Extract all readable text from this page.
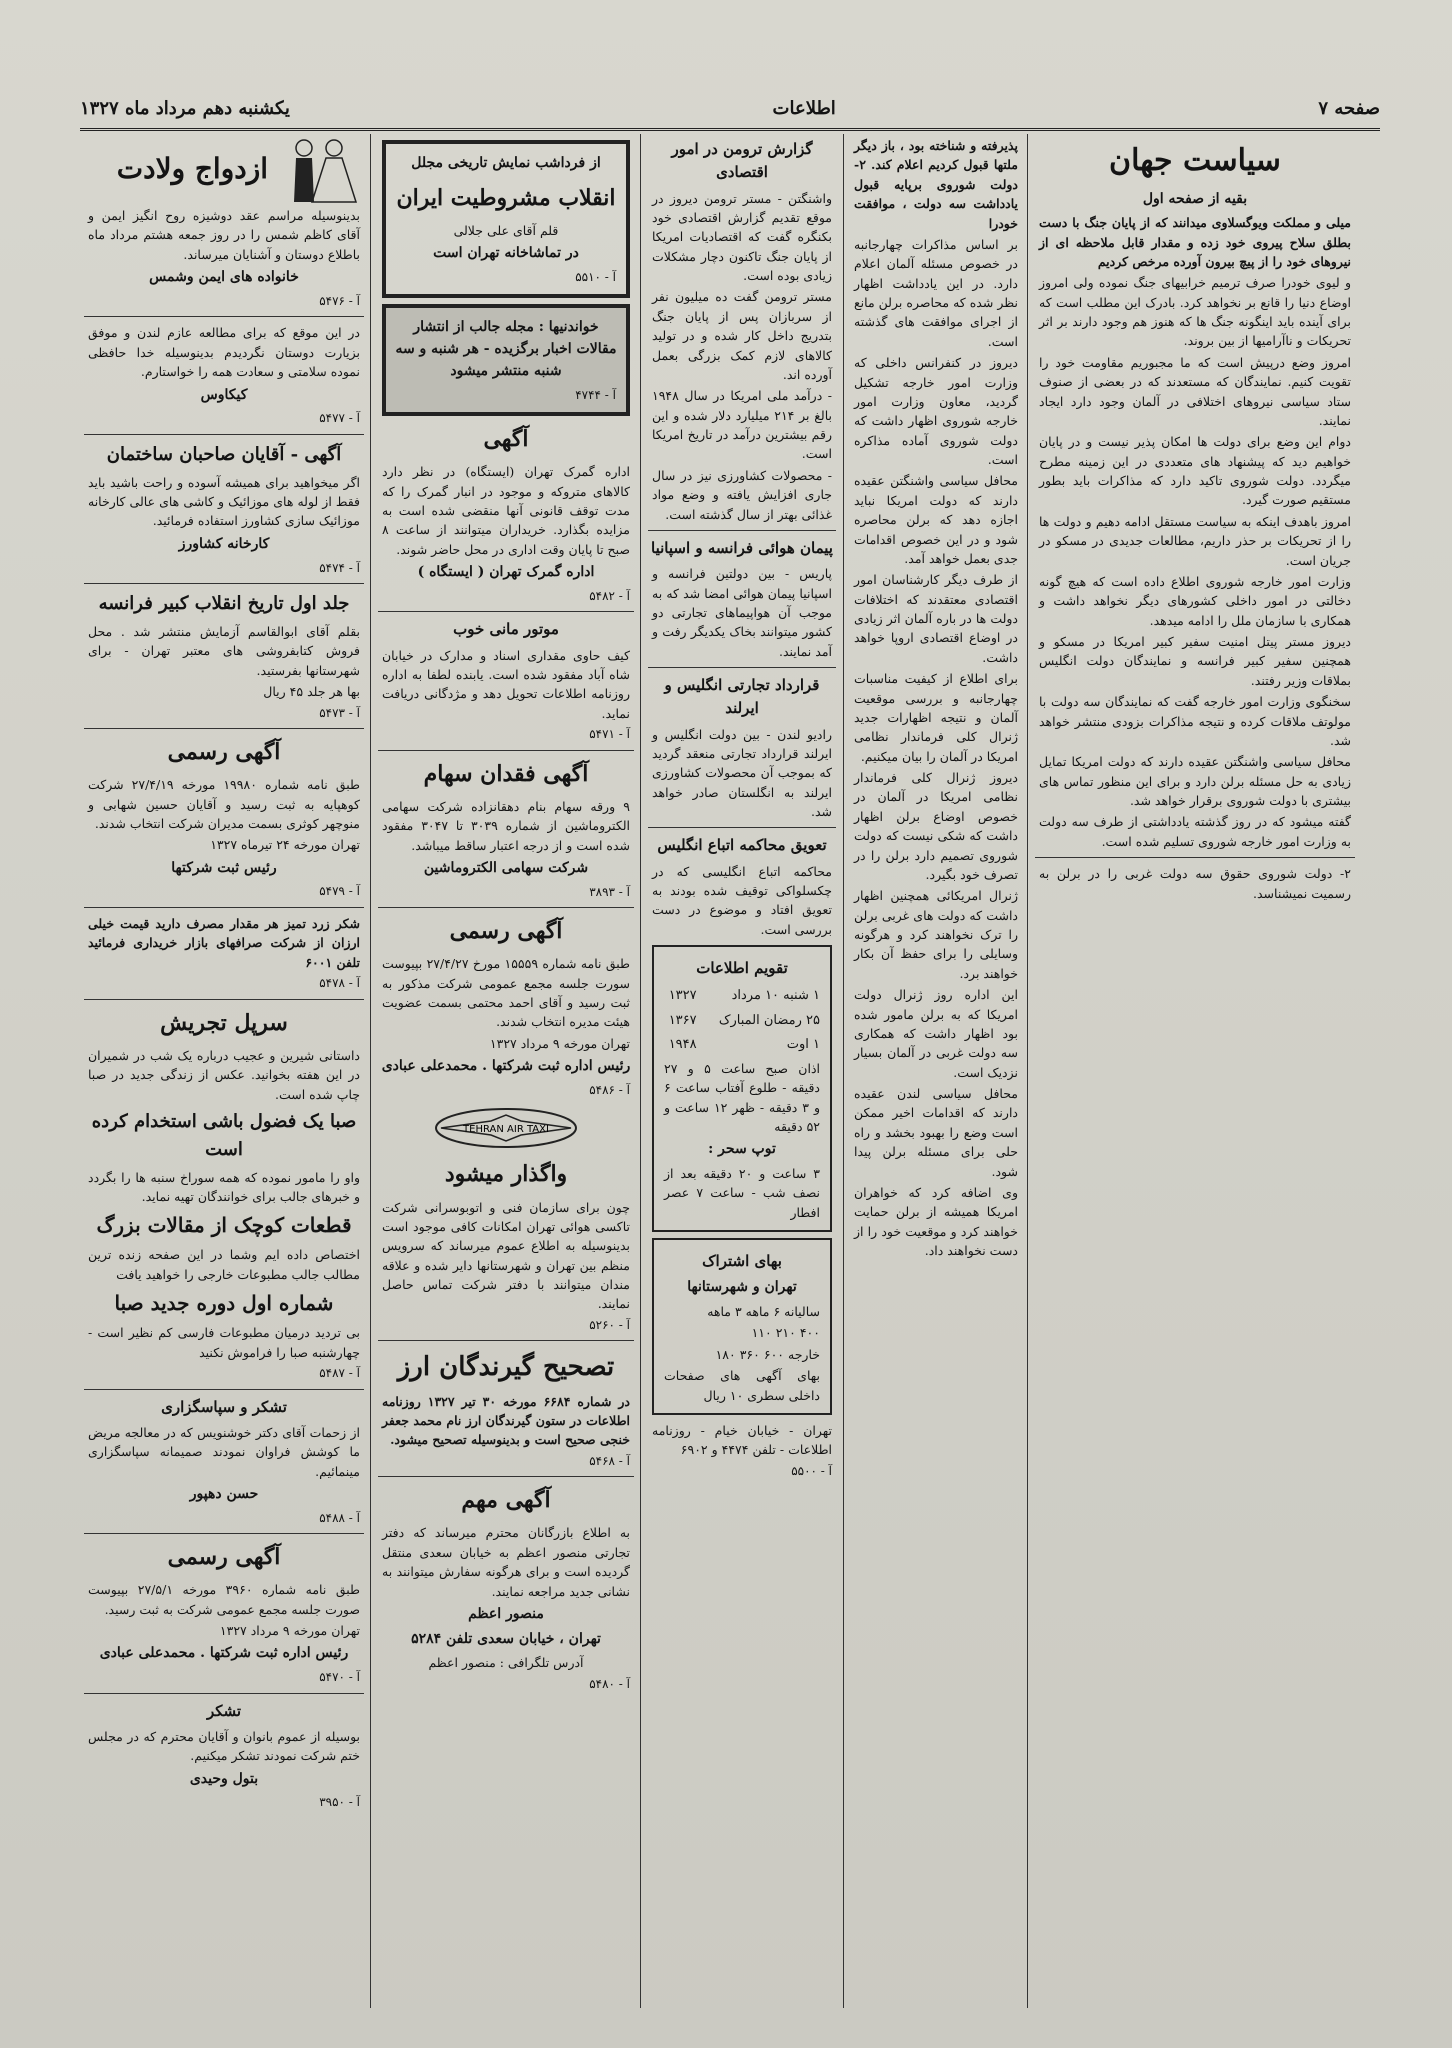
صفحه ۷
اطلاعات
یکشنبه دهم مرداد ماه ۱۳۲۷
سیاست جهان
بقیه از صفحه اول
میلی و مملکت ویوگسلاوی میدانند که از پایان جنگ با دست بطلق سلاح پیروی خود زده و مقدار قابل ملاحظه ای از نیروهای خود را از پیچ بیرون آورده مرخص کردیم
و لیوی خودرا صرف ترمیم خرابیهای جنگ نموده ولی امروز اوضاع دنیا را قانع بر نخواهد کرد. بادرک این مطلب است که برای آینده باید اینگونه جنگ ها که هنوز هم وجود دارند بر اثر تحریکات و ناآرامیها از بین بروند.
امروز وضع درپیش است که ما مجبوریم مقاومت خود را تقویت کنیم. نمایندگان که مستعدند که در بعضی از صنوف ستاد سیاسی نیروهای اختلافی در آلمان وجود دارد ایجاد نمایند.
دوام این وضع برای دولت ها امکان پذیر نیست و در پایان خواهیم دید که پیشنهاد های متعددی در این زمینه مطرح میگردد. دولت شوروی تاکید دارد که مذاکرات باید بطور مستقیم صورت گیرد.
امروز باهدف اینکه به سیاست مستقل ادامه دهیم و دولت ها را از تحریکات بر حذر داریم، مطالعات جدیدی در مسکو در جریان است.
وزارت امور خارجه شوروی اطلاع داده است که هیچ گونه دخالتی در امور داخلی کشورهای دیگر نخواهد داشت و همکاری با سازمان ملل را ادامه میدهد.
دیروز مستر پیتل امنیت سفیر کبیر امریکا در مسکو و همچنین سفیر کبیر فرانسه و نمایندگان دولت انگلیس بملاقات وزیر رفتند.
سخنگوی وزارت امور خارجه گفت که نمایندگان سه دولت با مولوتف ملاقات کرده و نتیجه مذاکرات بزودی منتشر خواهد شد.
محافل سیاسی واشنگتن عقیده دارند که دولت امریکا تمایل زیادی به حل مسئله برلن دارد و برای این منظور تماس های بیشتری با دولت شوروی برقرار خواهد شد.
گفته میشود که در روز گذشته یادداشتی از طرف سه دولت به وزارت امور خارجه شوروی تسلیم شده است.
۲- دولت شوروی حقوق سه دولت غربی را در برلن به رسمیت نمیشناسد.
پذیرفته و شناخته بود ، باز دیگر ملتها قبول کردیم اعلام کند. ۲- دولت شوروی برپایه قبول یادداشت سه دولت ، موافقت خودرا
بر اساس مذاکرات چهارجانبه در خصوص مسئله آلمان اعلام دارد. در این یادداشت اظهار نظر شده که محاصره برلن مانع از اجرای موافقت های گذشته است.
دیروز در کنفرانس داخلی که وزارت امور خارجه تشکیل گردید، معاون وزارت امور خارجه شوروی اظهار داشت که دولت شوروی آماده مذاکره است.
محافل سیاسی واشنگتن عقیده دارند که دولت امریکا نباید اجازه دهد که برلن محاصره شود و در این خصوص اقدامات جدی بعمل خواهد آمد.
از طرف دیگر کارشناسان امور اقتصادی معتقدند که اختلافات دولت ها در باره آلمان اثر زیادی در اوضاع اقتصادی اروپا خواهد داشت.
برای اطلاع از کیفیت مناسبات چهارجانبه و بررسی موقعیت آلمان و نتیجه اظهارات جدید ژنرال کلی فرماندار نظامی امریکا در آلمان را بیان میکنیم.
دیروز ژنرال کلی فرماندار نظامی امریکا در آلمان در خصوص اوضاع برلن اظهار داشت که شکی نیست که دولت شوروی تصمیم دارد برلن را در تصرف خود بگیرد.
ژنرال امریکائی همچنین اظهار داشت که دولت های غربی برلن را ترک نخواهند کرد و هرگونه وسایلی را برای حفظ آن بکار خواهند برد.
این اداره روز ژنرال دولت امریکا که به برلن مامور شده بود اظهار داشت که همکاری سه دولت غربی در آلمان بسیار نزدیک است.
محافل سیاسی لندن عقیده دارند که اقدامات اخیر ممکن است وضع را بهبود بخشد و راه حلی برای مسئله برلن پیدا شود.
وی اضافه کرد که خواهران امریکا همیشه از برلن حمایت خواهند کرد و موقعیت خود را از دست نخواهند داد.
گزارش ترومن در امور اقتصادی
واشنگتن - مستر ترومن دیروز در موقع تقدیم گزارش اقتصادی خود بکنگره گفت که اقتصادیات امریکا از پایان جنگ تاکنون دچار مشکلات زیادی بوده است.
مستر ترومن گفت ده میلیون نفر از سربازان پس از پایان جنگ بتدریج داخل کار شده و در تولید کالاهای لازم کمک بزرگی بعمل آورده اند.
- درآمد ملی امریکا در سال ۱۹۴۸ بالغ بر ۲۱۴ میلیارد دلار شده و این رقم بیشترین درآمد در تاریخ امریکا است.
- محصولات کشاورزی نیز در سال جاری افزایش یافته و وضع مواد غذائی بهتر از سال گذشته است.
پیمان هوائی فرانسه و اسپانیا
پاریس - بین دولتین فرانسه و اسپانیا پیمان هوائی امضا شد که به موجب آن هواپیماهای تجارتی دو کشور میتوانند بخاک یکدیگر رفت و آمد نمایند.
قرارداد تجارتی انگلیس و ایرلند
رادیو لندن - بین دولت انگلیس و ایرلند قرارداد تجارتی منعقد گردید که بموجب آن محصولات کشاورزی ایرلند به انگلستان صادر خواهد شد.
تعویق محاکمه اتباع انگلیس
محاکمه اتباع انگلیسی که در چکسلواکی توقیف شده بودند به تعویق افتاد و موضوع در دست بررسی است.
تقویم اطلاعات
۱ شنبه ۱۰ مرداد	۱۳۲۷
۲۵ رمضان المبارک	۱۳۶۷
۱ اوت	۱۹۴۸
اذان صبح ساعت ۵ و ۲۷ دقیقه - طلوع آفتاب ساعت ۶ و ۳ دقیقه - ظهر ۱۲ ساعت و ۵۲ دقیقه
توپ سحر :
۳ ساعت و ۲۰ دقیقه بعد از نصف شب - ساعت ۷ عصر افطار
بهای اشتراک
تهران و شهرستانها
سالیانه ۶ ماهه ۳ ماهه
۴۰۰ ۲۱۰ ۱۱۰
خارجه ۶۰۰ ۳۶۰ ۱۸۰
بهای آگهی های صفحات داخلی سطری ۱۰ ریال
تهران - خیابان خیام - روزنامه اطلاعات - تلفن ۴۴۷۴ و ۶۹۰۲
آ - ۵۵۰۰
از فرداشب نمایش تاریخی مجلل
انقلاب مشروطیت ایران
قلم آقای علی جلالی
در تماشاخانه تهران است
آ - ۵۵۱۰
خواندنیها : مجله جالب از انتشار مقالات اخبار برگزیده - هر شنبه و سه شنبه منتشر میشود
آ - ۴۷۴۴
آگهی
اداره گمرک تهران (ایستگاه) در نظر دارد کالاهای متروکه و موجود در انبار گمرک را که مدت توقف قانونی آنها منقضی شده است به مزایده بگذارد. خریداران میتوانند از ساعت ۸ صبح تا پایان وقت اداری در محل حاضر شوند.
اداره گمرک تهران ( ایستگاه )
آ - ۵۴۸۲
موتور مانی خوب
کیف حاوی مقداری اسناد و مدارک در خیابان شاه آباد مفقود شده است. یابنده لطفا به اداره روزنامه اطلاعات تحویل دهد و مژدگانی دریافت نماید.
آ - ۵۴۷۱
آگهی فقدان سهام
۹ ورقه سهام بنام دهقانزاده شرکت سهامی الکتروماشین از شماره ۳۰۳۹ تا ۳۰۴۷ مفقود شده است و از درجه اعتبار ساقط میباشد.
شرکت سهامی الکتروماشین
آ - ۳۸۹۳
آگهی رسمی
طبق نامه شماره ۱۵۵۵۹ مورخ ۲۷/۴/۲۷ بپیوست سورت جلسه مجمع عمومی شرکت مذکور به ثبت رسید و آقای احمد محتمی بسمت عضویت هیئت مدیره انتخاب شدند.
تهران مورخه ۹ مرداد ۱۳۲۷
رئیس اداره ثبت شرکتها . محمدعلی عبادی
آ - ۵۴۸۶
TEHRAN AIR TAXI
واگذار میشود
چون برای سازمان فنی و اتوبوسرانی شرکت تاکسی هوائی تهران امکانات کافی موجود است بدینوسیله به اطلاع عموم میرساند که سرویس منظم بین تهران و شهرستانها دایر شده و علاقه مندان میتوانند با دفتر شرکت تماس حاصل نمایند.
آ - ۵۲۶۰
تصحیح گیرندگان ارز
در شماره ۶۶۸۴ مورخه ۳۰ تیر ۱۳۲۷ روزنامه اطلاعات در ستون گیرندگان ارز نام محمد جعفر خنجی صحیح است و بدینوسیله تصحیح میشود.
آ - ۵۴۶۸
آگهی مهم
به اطلاع بازرگانان محترم میرساند که دفتر تجارتی منصور اعظم به خیابان سعدی منتقل گردیده است و برای هرگونه سفارش میتوانند به نشانی جدید مراجعه نمایند.
منصور اعظم
تهران ، خیابان سعدی تلفن ۵۲۸۴
آدرس تلگرافی : منصور اعظم
آ - ۵۴۸۰
ازدواج ولادت
بدینوسیله مراسم عقد دوشیزه روح انگیز ایمن و آقای کاظم شمس را در روز جمعه هشتم مرداد ماه باطلاع دوستان و آشنایان میرساند.
خانواده های ایمن وشمس
آ - ۵۴۷۶
در این موقع که برای مطالعه عازم لندن و موفق بزیارت دوستان نگردیدم بدینوسیله خدا حافظی نموده سلامتی و سعادت همه را خواستارم.
کیکاوس
آ - ۵۴۷۷
آگهی - آقایان صاحبان ساختمان
اگر میخواهید برای همیشه آسوده و راحت باشید باید فقط از لوله های موزائیک و کاشی های عالی کارخانه موزائیک سازی کشاورز استفاده فرمائید.
کارخانه کشاورز
آ - ۵۴۷۴
جلد اول تاریخ انقلاب کبیر فرانسه
بقلم آقای ابوالقاسم آزمایش منتشر شد . محل فروش کتابفروشی های معتبر تهران - برای شهرستانها بفرستید.
بها هر جلد ۴۵ ریال
آ - ۵۴۷۳
آگهی رسمی
طبق نامه شماره ۱۹۹۸۰ مورخه ۲۷/۴/۱۹ شرکت کوهپایه به ثبت رسید و آقایان حسین شهابی و منوچهر کوثری بسمت مدیران شرکت انتخاب شدند.
تهران مورخه ۲۴ تیرماه ۱۳۲۷
رئیس ثبت شرکتها
آ - ۵۴۷۹
شکر زرد تمیز هر مقدار مصرف دارید قیمت خیلی ارزان از شرکت صرافهای بازار خریداری فرمائید تلفن ۶۰۰۱
آ - ۵۴۷۸
سرپل تجریش
داستانی شیرین و عجیب درباره یک شب در شمیران در این هفته بخوانید. عکس از زندگی جدید در صبا چاپ شده است.
صبا یک فضول باشی استخدام کرده است
واو را مامور نموده که همه سوراخ سنبه ها را بگردد و خبرهای جالب برای خوانندگان تهیه نماید.
قطعات کوچک از مقالات بزرگ
اختصاص داده ایم وشما در این صفحه زنده ترین مطالب جالب مطبوعات خارجی را خواهید یافت
شماره اول دوره جدید صبا
بی تردید درمیان مطبوعات فارسی کم نظیر است - چهارشنبه صبا را فراموش نکنید
آ - ۵۴۸۷
تشکر و سپاسگزاری
از زحمات آقای دکتر خوشنویس که در معالجه مریض ما کوشش فراوان نمودند صمیمانه سپاسگزاری مینمائیم.
حسن دهپور
آ - ۵۴۸۸
آگهی رسمی
طبق نامه شماره ۳۹۶۰ مورخه ۲۷/۵/۱ بپیوست صورت جلسه مجمع عمومی شرکت به ثبت رسید.
تهران مورخه ۹ مرداد ۱۳۲۷
رئیس اداره ثبت شرکتها . محمدعلی عبادی
آ - ۵۴۷۰
تشکر
بوسیله از عموم بانوان و آقایان محترم که در مجلس ختم شرکت نمودند تشکر میکنیم.
بتول وحیدی
آ - ۳۹۵۰
